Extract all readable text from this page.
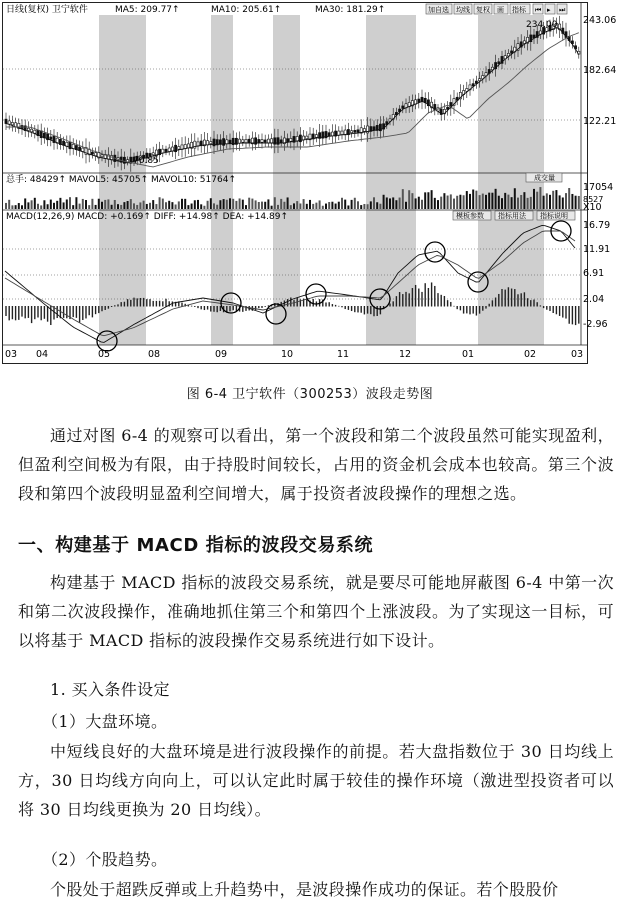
日线(复权) 卫宁软件	MA5: 209.77↑	MA10: 205.61↑	MA30: 181.29↑	加自选 均线 复权 画 指标 ⏮ ▸ ⏭
243.06
182.64
122.21
234.00
70.85
总手: 48429↑ MAVOL5: 45705↑ MAVOL10: 51764↑	成交量
17054
8527
X10
MACD(12,26,9) MACD: +0.169↑ DIFF: +14.98↑ DEA: +14.89↑	模板参数 指标用法 指标说明
16.79
11.91
6.91
2.04
-2.96
03 04	05	08	09	10	11	12	01	02	03
图 6-4 卫宁软件（300253）波段走势图

通过对图 6-4 的观察可以看出，第一个波段和第二个波段虽然可能实现盈利，但盈利空间极为有限，由于持股时间较长，占用的资金机会成本也较高。第三个波段和第四个波段明显盈利空间增大，属于投资者波段操作的理想之选。

一、构建基于 MACD 指标的波段交易系统

构建基于 MACD 指标的波段交易系统，就是要尽可能地屏蔽图 6-4 中第一次和第二次波段操作，准确地抓住第三个和第四个上涨波段。为了实现这一目标，可以将基于 MACD 指标的波段操作交易系统进行如下设计。

1. 买入条件设定

（1）大盘环境。

中短线良好的大盘环境是进行波段操作的前提。若大盘指数位于 30 日均线上方，30 日均线方向向上，可以认定此时属于较佳的操作环境（激进型投资者可以将 30 日均线更换为 20 日均线）。

（2）个股趋势。

个股处于超跌反弹或上升趋势中，是波段操作成功的保证。若个股股价
